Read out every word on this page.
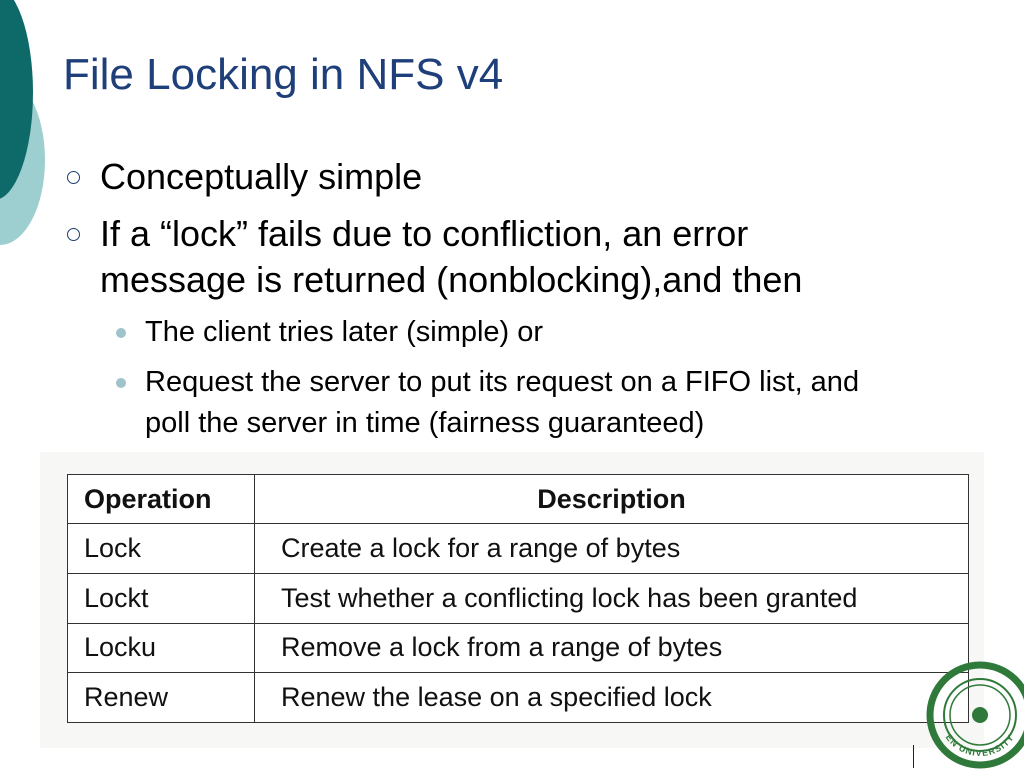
File Locking in NFS v4
Conceptually simple
If a “lock” fails due to confliction, an error
message is returned (nonblocking),and then
The client tries later (simple) or
Request the server to put its request on a FIFO list, and
poll the server in time (fairness guaranteed)
Operation	Description
Lock	Create a lock for a range of bytes
Lockt	Test whether a conflicting lock has been granted
Locku	Remove a lock from a range of bytes
Renew	Renew the lease on a specified lock
EN UNIVERSITY
